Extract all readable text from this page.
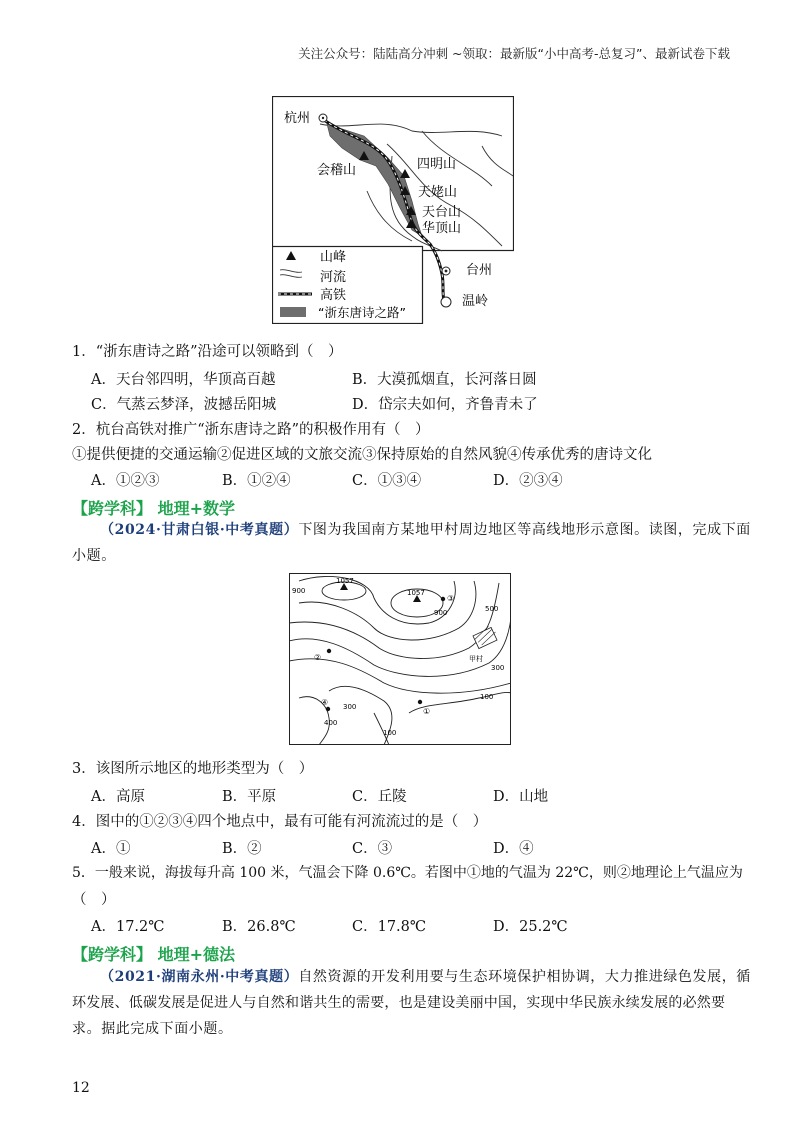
关注公众号：陆陆高分冲刺 ~领取：最新版“小中高考-总复习”、最新试卷下载
杭州
会稽山	四明山
天姥山
天台山
华顶山
台州
温岭
山峰
河流
高铁
“浙东唐诗之路”
1．“浙东唐诗之路”沿途可以领略到（　）
A．天台邻四明，华顶高百越	B．大漠孤烟直，长河落日圆
C．气蒸云梦泽，波撼岳阳城	D．岱宗夫如何，齐鲁青未了
2．杭台高铁对推广“浙东唐诗之路”的积极作用有（　）
①提供便捷的交通运输②促进区域的文旅交流③保持原始的自然风貌④传承优秀的唐诗文化
A．①②③	B．①②④	C．①③④	D．②③④
【跨学科】 地理+数学
（2024·甘肃白银·中考真题）下图为我国南方某地甲村周边地区等高线地形示意图。读图，完成下面
小题。
1057
1057
900
900	500
300
300
100
100
400
甲村
①
②
③
④
3．该图所示地区的地形类型为（　）
A．高原	B．平原	C．丘陵	D．山地
4．图中的①②③④四个地点中，最有可能有河流流过的是（　）
A．①	B．②	C．③	D．④
5．一般来说，海拔每升高 100 米，气温会下降 0.6℃。若图中①地的气温为 22℃，则②地理论上气温应为
（　）
A．17.2℃	B．26.8℃	C．17.8℃	D．25.2℃
【跨学科】 地理+德法
（2021·湖南永州·中考真题）自然资源的开发利用要与生态环境保护相协调，大力推进绿色发展，循
环发展、低碳发展是促进人与自然和谐共生的需要，也是建设美丽中国，实现中华民族永续发展的必然要
求。据此完成下面小题。
12
